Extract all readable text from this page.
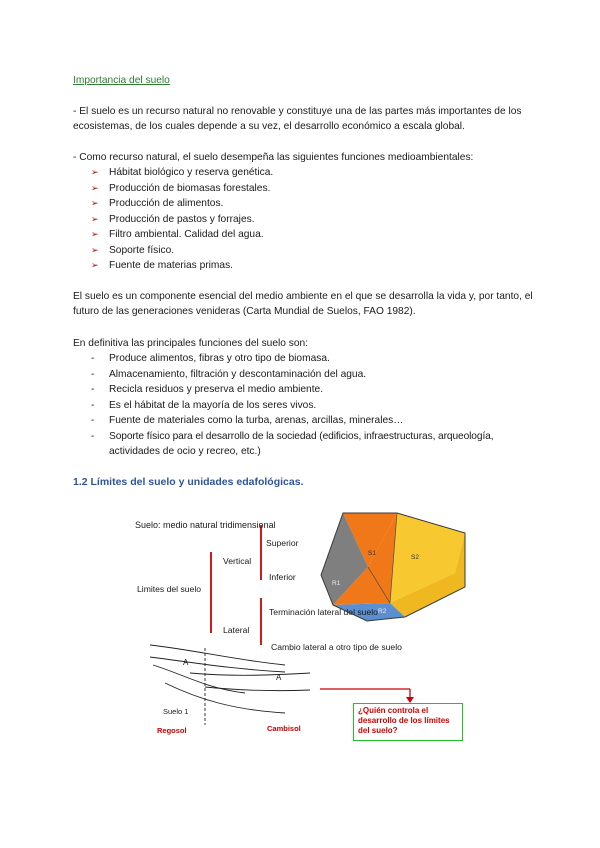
Importancia del suelo
- El suelo es un recurso natural no renovable y constituye una de las partes más importantes de los
ecosistemas, de los cuales depende a su vez, el desarrollo económico a escala global.
- Como recurso natural, el suelo desempeña las siguientes funciones medioambientales:
➢ Hábitat biológico y reserva genética.
➢ Producción de biomasas forestales.
➢ Producción de alimentos.
➢ Producción de pastos y forrajes.
➢ Filtro ambiental. Calidad del agua.
➢ Soporte físico.
➢ Fuente de materias primas.
El suelo es un componente esencial del medio ambiente en el que se desarrolla la vida y, por tanto, el
futuro de las generaciones venideras (Carta Mundial de Suelos, FAO 1982).
En definitiva las principales funciones del suelo son:
- Produce alimentos, fibras y otro tipo de biomasa.
- Almacenamiento, filtración y descontaminación del agua.
- Recicla residuos y preserva el medio ambiente.
- Es el hábitat de la mayoría de los seres vivos.
- Fuente de materiales como la turba, arenas, arcillas, minerales…
- Soporte físico para el desarrollo de la sociedad (edificios, infraestructuras, arqueología,
actividades de ocio y recreo, etc.)
1.2 Límites del suelo y unidades edafológicas.
Suelo: medio natural tridimensional
Superior
Vertical
Inferior
Limites del suelo
Terminación lateral del suelo
Lateral
Cambio lateral a otro tipo de suelo
A
A
Suelo 1
Regosol	Cambisol
S1
S2
R1
R2
¿Quién controla el desarrollo de los límites del suelo?
